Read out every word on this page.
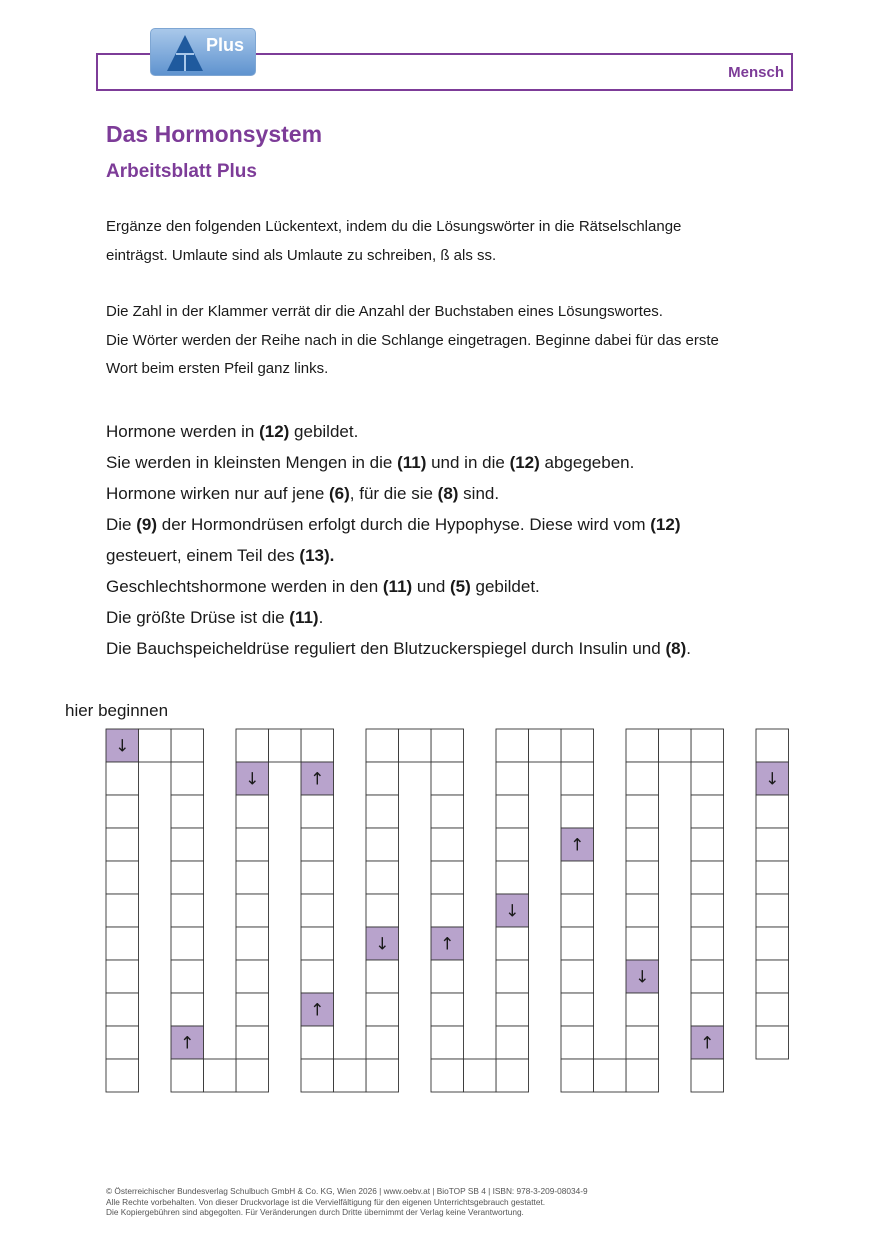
Plus
Mensch
Das Hormonsystem
Arbeitsblatt Plus
Ergänze den folgenden Lückentext, indem du die Lösungswörter in die Rätselschlange
einträgst. Umlaute sind als Umlaute zu schreiben, ß als ss.
Die Zahl in der Klammer verrät dir die Anzahl der Buchstaben eines Lösungswortes.
Die Wörter werden der Reihe nach in die Schlange eingetragen. Beginne dabei für das erste
Wort beim ersten Pfeil ganz links.
Hormone werden in (12) gebildet.
Sie werden in kleinsten Mengen in die (11) und in die (12) abgegeben.
Hormone wirken nur auf jene (6), für die sie (8) sind.
Die (9) der Hormondrüsen erfolgt durch die Hypophyse. Diese wird vom (12)
gesteuert, einem Teil des (13).
Geschlechtshormone werden in den (11) und (5) gebildet.
Die größte Drüse ist die (11).
Die Bauchspeicheldrüse reguliert den Blutzuckerspiegel durch Insulin und (8).
hier beginnen
↓
↑
↓	↑
↑
↓	↑
↓
↑
↓
↑
↓
© Österreichischer Bundesverlag Schulbuch GmbH & Co. KG, Wien 2026 | www.oebv.at | BioTOP SB 4 | ISBN: 978-3-209-08034-9
Alle Rechte vorbehalten. Von dieser Druckvorlage ist die Vervielfältigung für den eigenen Unterrichtsgebrauch gestattet.
Die Kopiergebühren sind abgegolten. Für Veränderungen durch Dritte übernimmt der Verlag keine Verantwortung.
